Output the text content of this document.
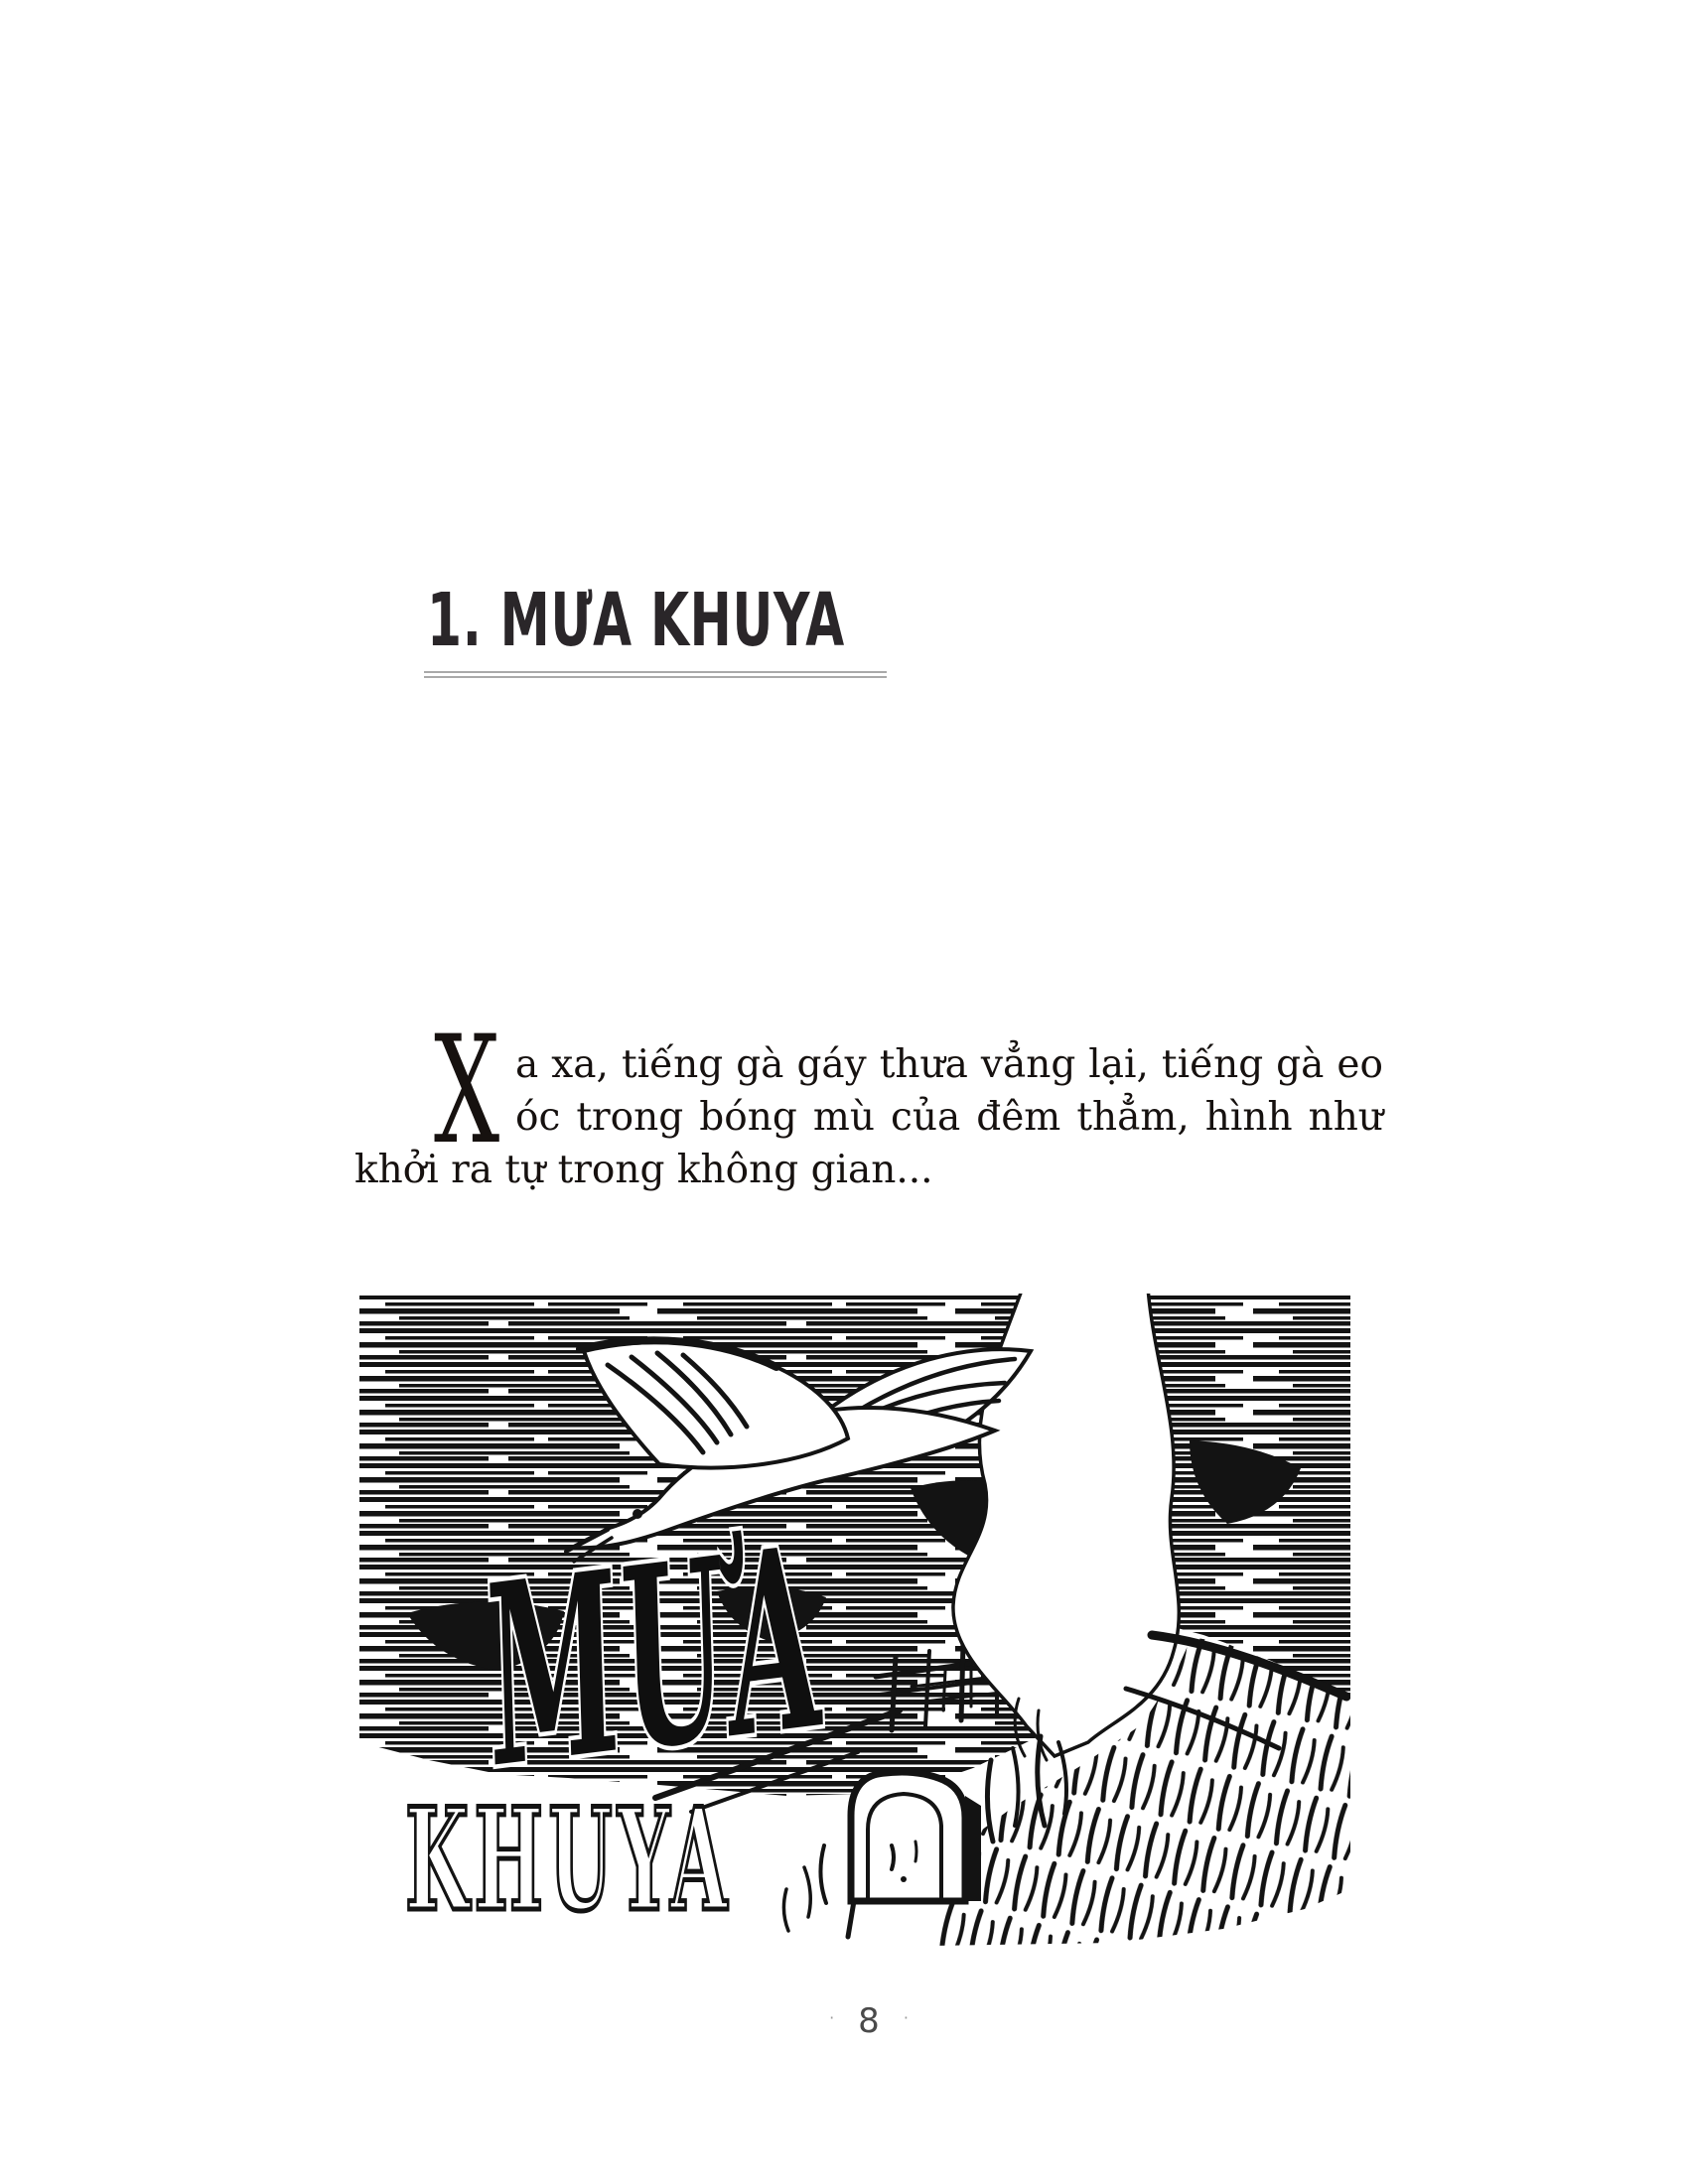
1. MƯA KHUYA

Xa xa, tiếng gà gáy thưa vẳng lại, tiếng gà eo óc trong bóng mù của đêm thẳm, hình như khởi ra tự trong không gian...

MƯA
KHUYA
· 8 ·
